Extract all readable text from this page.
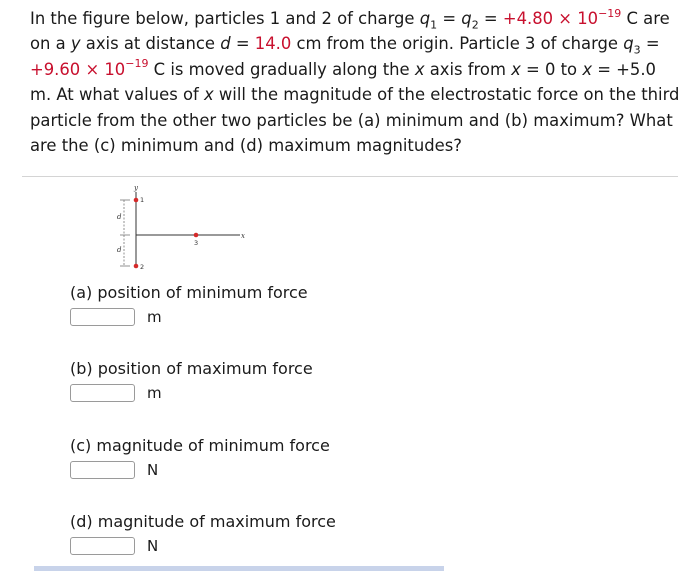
In the figure below, particles 1 and 2 of charge $q_1 = q_2 = +4.80 \times 10^{-19}$ C are on a y axis at distance d = 14.0 cm from the origin. Particle 3 of charge $q_3 = +9.60 \times 10^{-19}$ C is moved gradually along the x axis from x = 0 to x = +5.0 m. At what values of x will the magnitude of the electrostatic force on the third particle from the other two particles be (a) minimum and (b) maximum? What are the (c) minimum and (d) maximum magnitudes?
y
x
d
d
1
2
3
(a) position of minimum force
m
(b) position of maximum force
m
(c) magnitude of minimum force
N
(d) magnitude of maximum force
N
